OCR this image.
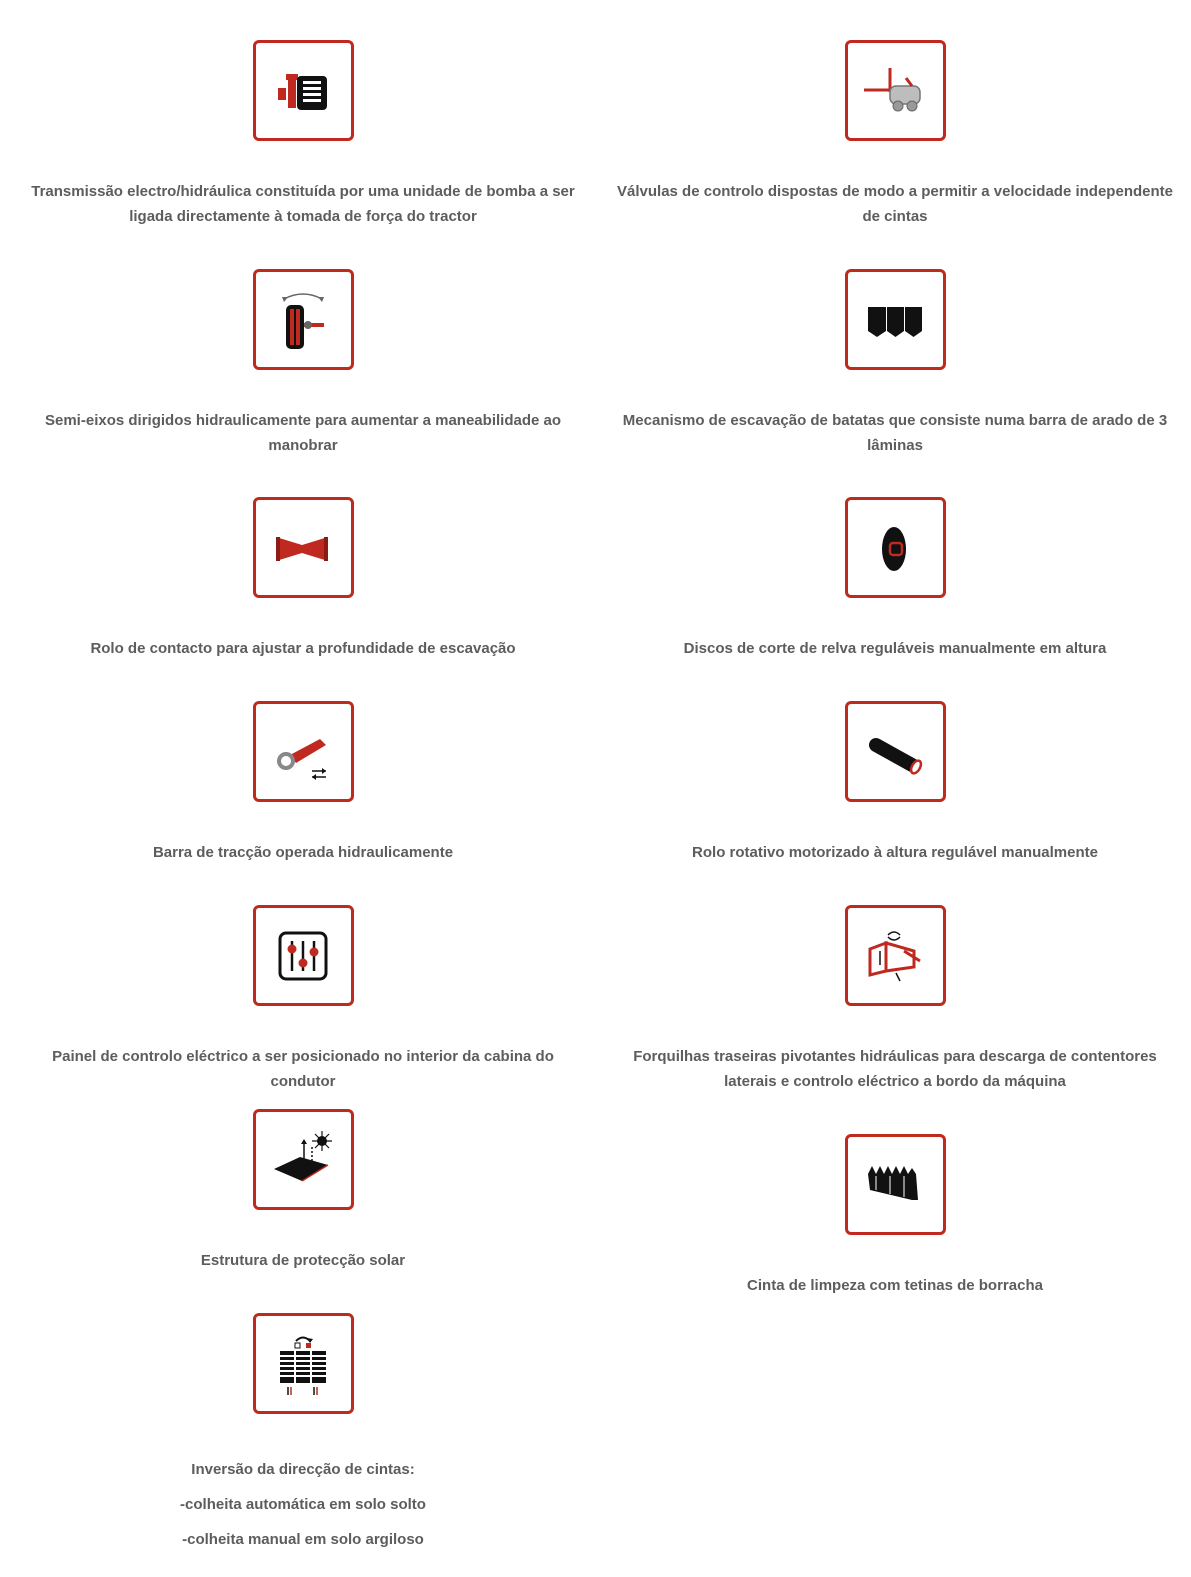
Transmissão electro/hidráulica constituída por uma unidade de bomba a ser ligada directamente à tomada de força do tractor
Válvulas de controlo dispostas de modo a permitir a velocidade independente de cintas
Semi-eixos dirigidos hidraulicamente para aumentar a maneabilidade ao manobrar
Mecanismo de escavação de batatas que consiste numa barra de arado de 3 lâminas
Rolo de contacto para ajustar a profundidade de escavação	Discos de corte de relva reguláveis manualmente em altura
Barra de tracção operada hidraulicamente	Rolo rotativo motorizado à altura regulável manualmente
Painel de controlo eléctrico a ser posicionado no interior da cabina do condutor
Forquilhas traseiras pivotantes hidráulicas para descarga de contentores laterais e controlo eléctrico a bordo da máquina
Estrutura de protecção solar
Cinta de limpeza com tetinas de borracha
Inversão da direcção de cintas:
-colheita automática em solo solto
-colheita manual em solo argiloso
